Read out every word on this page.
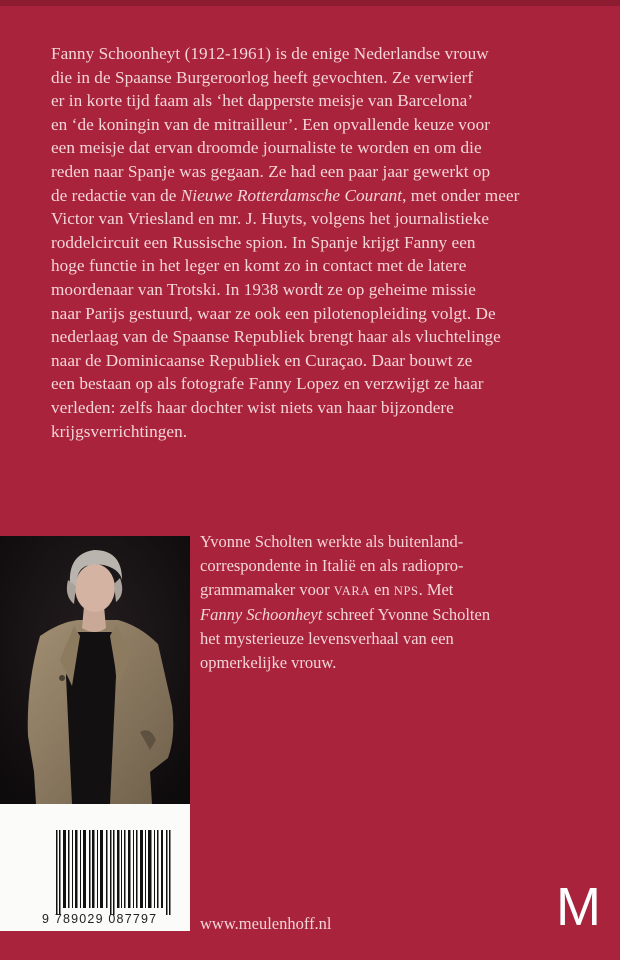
Fanny Schoonheyt (1912-1961) is de enige Nederlandse vrouw
die in de Spaanse Burgeroorlog heeft gevochten. Ze verwierf
er in korte tijd faam als ‘het dapperste meisje van Barcelona’
en ‘de koningin van de mitrailleur’. Een opvallende keuze voor
een meisje dat ervan droomde journaliste te worden en om die
reden naar Spanje was gegaan. Ze had een paar jaar gewerkt op
de redactie van de Nieuwe Rotterdamsche Courant, met onder meer
Victor van Vriesland en mr. J. Huyts, volgens het journalistieke
roddelcircuit een Russische spion. In Spanje krijgt Fanny een
hoge functie in het leger en komt zo in contact met de latere
moordenaar van Trotski. In 1938 wordt ze op geheime missie
naar Parijs gestuurd, waar ze ook een pilotenopleiding volgt. De
nederlaag van de Spaanse Republiek brengt haar als vluchtelinge
naar de Dominicaanse Republiek en Curaçao. Daar bouwt ze
een bestaan op als fotografe Fanny Lopez en verzwijgt ze haar
verleden: zelfs haar dochter wist niets van haar bijzondere
krijgsverrichtingen.
9 789029 087797
Yvonne Scholten werkte als buitenland-
correspondente in Italië en als radiopro-
grammamaker voor VARA en NPS. Met
Fanny Schoonheyt schreef Yvonne Scholten
het mysterieuze levensverhaal van een
opmerkelijke vrouw.
www.meulenhoff.nl	M
